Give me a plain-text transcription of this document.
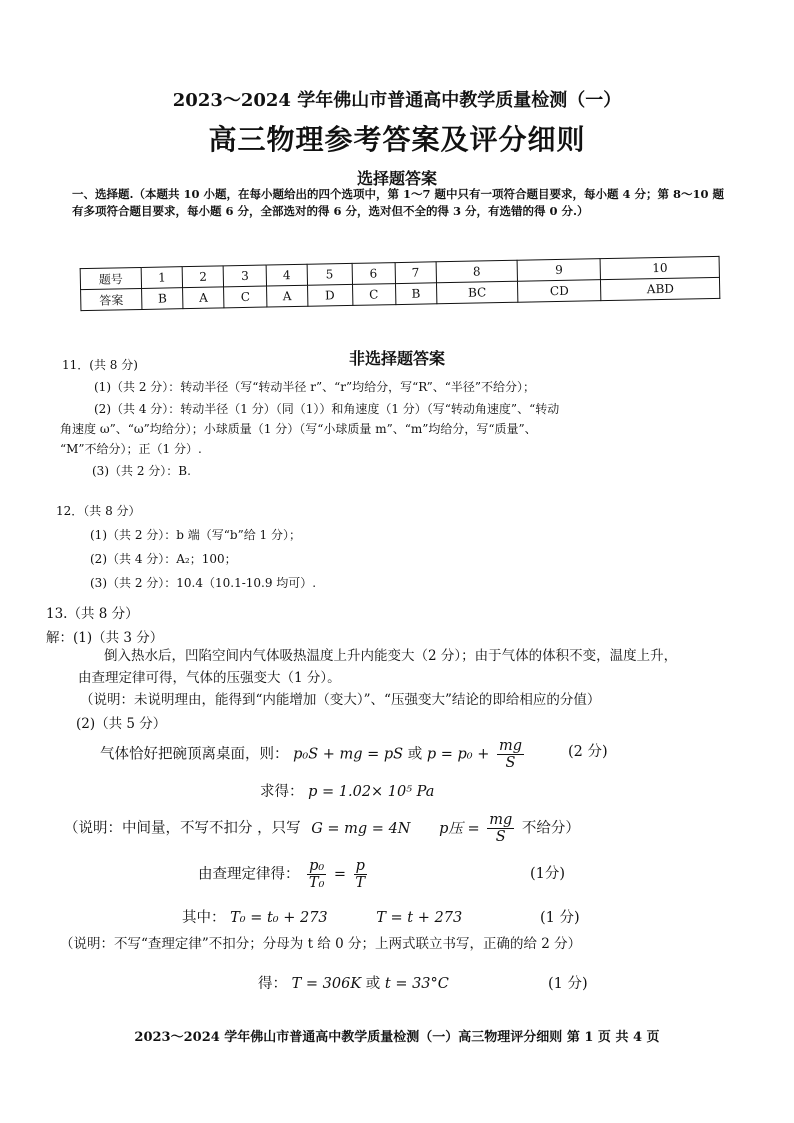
2023～2024 学年佛山市普通高中教学质量检测（一）
高三物理参考答案及评分细则
选择题答案
一、选择题.（本题共 10 小题，在每小题给出的四个选项中，第 1～7 题中只有一项符合题目要求，每小题 4 分；第 8～10 题有多项符合题目要求，每小题 6 分，全部选对的得 6 分，选对但不全的得 3 分，有选错的得 0 分.）
题号	1	2	3	4	5	6	7	8	9	10
答案	B	A	C	A	D	C	B	BC	CD	ABD
非选择题答案
11．(共 8 分)
(1)（共 2 分）：转动半径（写“转动半径 r”、“r”均给分，写“R”、“半径”不给分）；
(2)（共 4 分）：转动半径（1 分）（同（1））和角速度（1 分）（写“转动角速度”、“转动
角速度 ω”、“ω”均给分）；小球质量（1 分）（写“小球质量 m”、“m”均给分，写“质量”、
“M”不给分）；正（1 分）.
(3)（共 2 分）：B.
12．（共 8 分）
(1)（共 2 分）：b 端（写“b”给 1 分）；
(2)（共 4 分）：A₂；100；
(3)（共 2 分）：10.4（10.1-10.9 均可）.
13.（共 8 分）
解：(1)（共 3 分）
倒入热水后，凹陷空间内气体吸热温度上升内能变大（2 分）；由于气体的体积不变，温度上升，
由查理定律可得，气体的压强变大（1 分）。
（说明：未说明理由，能得到“内能增加（变大）”、“压强变大”结论的即给相应的分值）
(2)（共 5 分）
气体恰好把碗顶离桌面，则： p₀S + mg = pS 或 $p = p_0 + \frac{mg}{S}$	(2 分)
求得： p = 1.02× 10⁵ Pa
（说明：中间量，不写不扣分 ，只写 G = mg = 4N p压 = $\frac{mg}{S}$ 不给分）
由查理定律得： $\frac{\text{p₀}}{\text{T₀}} = \frac{p}{T}$	(1分)
其中： T₀ = t₀ + 273	T = t + 273	(1 分)
（说明：不写“查理定律”不扣分；分母为 t 给 0 分；上两式联立书写，正确的给 2 分）
得： T = 306K 或 t = 33°C	(1 分)
2023～2024 学年佛山市普通高中教学质量检测（一）高三物理评分细则 第 1 页 共 4 页
